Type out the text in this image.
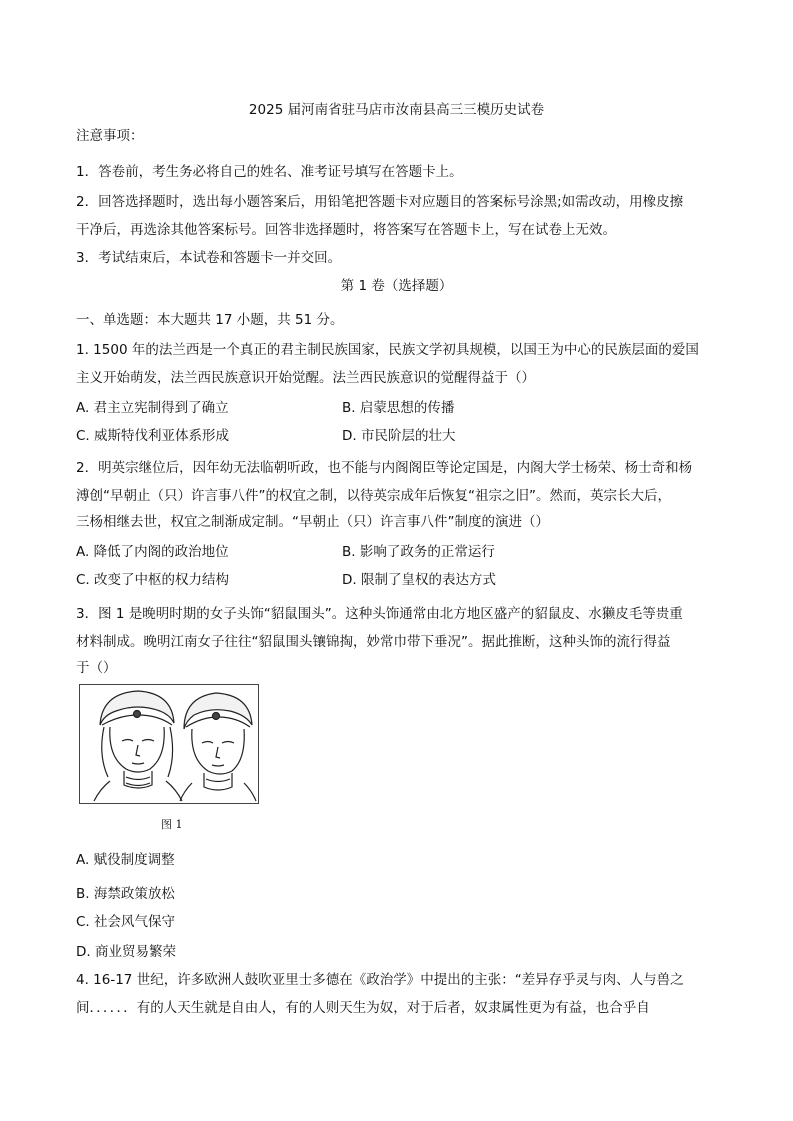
2025 届河南省驻马店市汝南县高三三模历史试卷
注意事项：
1．答卷前，考生务必将自己的姓名、准考证号填写在答题卡上。
2．回答选择题时，选出每小题答案后，用铅笔把答题卡对应题目的答案标号涂黑;如需改动，用橡皮擦
干净后，再选涂其他答案标号。回答非选择题时，将答案写在答题卡上，写在试卷上无效。
3．考试结束后，本试卷和答题卡一并交回。
第 1 卷（选择题）
一、单选题：本大题共 17 小题，共 51 分。
1. 1500 年的法兰西是一个真正的君主制民族国家，民族文学初具规模，以国王为中心的民族层面的爱国
主义开始萌发，法兰西民族意识开始觉醒。法兰西民族意识的觉醒得益于（）
A. 君主立宪制得到了确立	B. 启蒙思想的传播
C. 威斯特伐利亚体系形成	D. 市民阶层的壮大
2．明英宗继位后，因年幼无法临朝听政，也不能与内阁阁臣等论定国是，内阁大学士杨荣、杨士奇和杨
溥创“早朝止（只）许言事八件”的权宜之制，以待英宗成年后恢复“祖宗之旧”。然而，英宗长大后，
三杨相继去世，权宜之制渐成定制。“早朝止（只）许言事八件”制度的演进（）
A. 降低了内阁的政治地位	B. 影响了政务的正常运行
C. 改变了中枢的权力结构	D. 限制了皇权的表达方式
3．图 1 是晚明时期的女子头饰“貂鼠围头”。这种头饰通常由北方地区盛产的貂鼠皮、水獭皮毛等贵重
材料制成。晚明江南女子往往“貂鼠围头镶锦掏，妙常巾带下垂况”。据此推断，这种头饰的流行得益
于（）
图 1
A. 赋役制度调整
B. 海禁政策放松
C. 社会风气保守
D. 商业贸易繁荣
4. 16-17 世纪，许多欧洲人鼓吹亚里士多德在《政治学》中提出的主张：“差异存乎灵与肉、人与兽之
间．．．．．．有的人天生就是自由人，有的人则天生为奴，对于后者，奴隶属性更为有益，也合乎自
